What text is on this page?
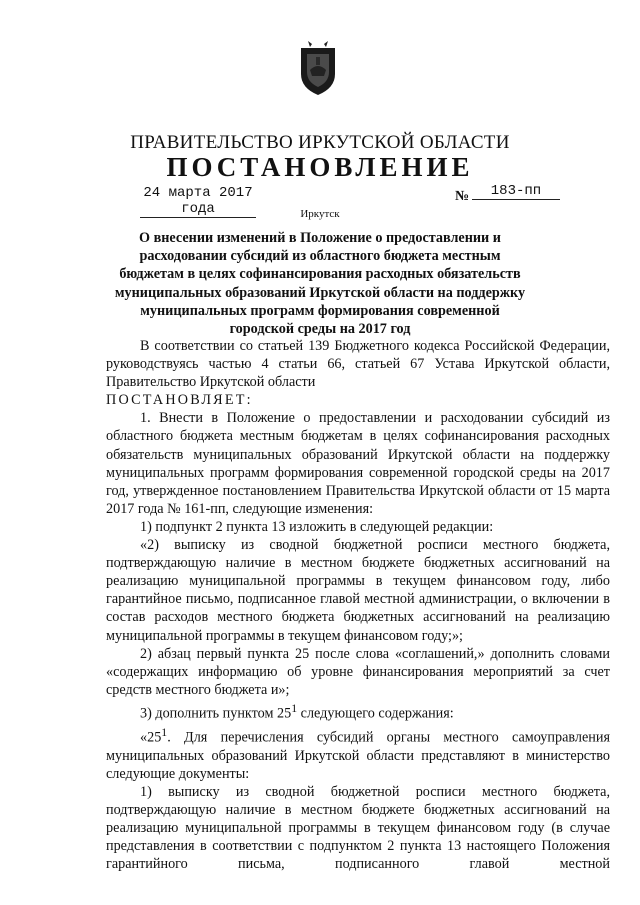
ПРАВИТЕЛЬСТВО ИРКУТСКОЙ ОБЛАСТИ
ПОСТАНОВЛЕНИЕ
24 марта 2017 года
№	183-пп
Иркутск
О внесении изменений в Положение о предоставлении и расходовании субсидий из областного бюджета местным бюджетам в целях софинансирования расходных обязательств муниципальных образований Иркутской области на поддержку муниципальных программ формирования современной городской среды на 2017 год

В соответствии со статьей 139 Бюджетного кодекса Российской Федерации, руководствуясь частью 4 статьи 66, статьей 67 Устава Иркутской области, Правительство Иркутской области

ПОСТАНОВЛЯЕТ:

1. Внести в Положение о предоставлении и расходовании субсидий из областного бюджета местным бюджетам в целях софинансирования расходных обязательств муниципальных образований Иркутской области на поддержку муниципальных программ формирования современной городской среды на 2017 год, утвержденное постановлением Правительства Иркутской области от 15 марта 2017 года № 161-пп, следующие изменения:

1) подпункт 2 пункта 13 изложить в следующей редакции:

«2) выписку из сводной бюджетной росписи местного бюджета, подтверждающую наличие в местном бюджете бюджетных ассигнований на реализацию муниципальной программы в текущем финансовом году, либо гарантийное письмо, подписанное главой местной администрации, о включении в состав расходов местного бюджета бюджетных ассигнований на реализацию муниципальной программы в текущем финансовом году;»;

2) абзац первый пункта 25 после слова «соглашений,» дополнить словами «содержащих информацию об уровне финансирования мероприятий за счет средств местного бюджета и»;

3) дополнить пунктом $25^1$ следующего содержания:

«$25^1$. Для перечисления субсидий органы местного самоуправления муниципальных образований Иркутской области представляют в министерство следующие документы:

1) выписку из сводной бюджетной росписи местного бюджета, подтверждающую наличие в местном бюджете бюджетных ассигнований на реализацию муниципальной программы в текущем финансовом году (в случае представления в соответствии с подпунктом 2 пункта 13 настоящего Положения гарантийного письма, подписанного главой местной
